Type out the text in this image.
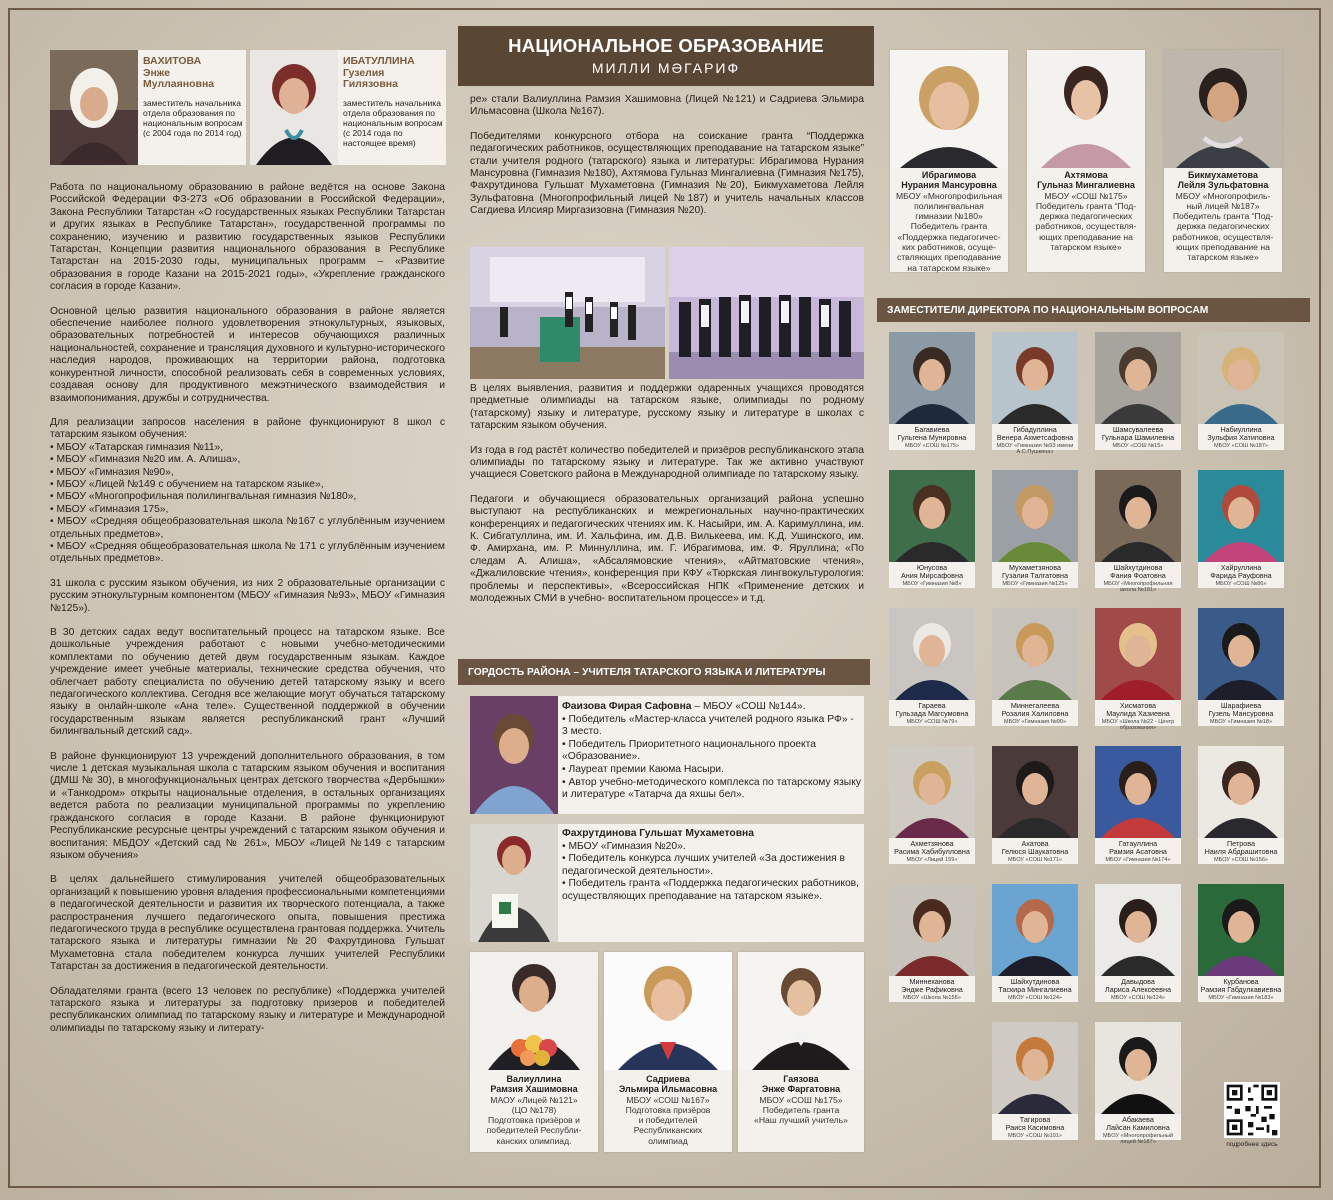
ВАХИТОВА
Энже
Муллаяновна
заместитель начальника отдела образования по национальным вопросам
(с 2004 года по 2014 год)
ИБАТУЛЛИНА
Гузелия
Гилязовна
заместитель начальника отдела образования по национальным вопросам
(с 2014 года по настоящее время)

Работа по национальному образованию в районе ведётся на основе Закона Российской Федерации ФЗ-273 «Об образовании в Российской Федерации», Закона Республики Татарстан «О государственных языках Республики Татарстан и других языках в Республике Татарстан», государственной программы по сохранению, изучению и развитию государственных языков Республики Татарстан, Концепции развития национального образования в Республике Татарстан на 2015-2030 годы, муниципальных программ – «Развитие образования в городе Казани на 2015-2021 годы», «Укрепление гражданского согласия в городе Казани».

Основной целью развития национального образования в районе является обеспечение наиболее полного удовлетворения этнокультурных, языковых, образовательных потребностей и интересов обучающихся различных национальностей, сохранение и трансляция духовного и культурно-исторического наследия народов, проживающих на территории района, подготовка конкурентной личности, способной реализовать себя в современных условиях, создавая основу для продуктивного межэтнического взаимодействия и взаимопонимания, дружбы и сотрудничества.

Для реализации запросов населения в районе функционируют 8 школ с татарским языком обучения:

• МБОУ «Татарская гимназия №11»,

• МБОУ «Гимназия №20 им. А. Алиша»,

• МБОУ «Гимназия №90»,

• МБОУ «Лицей №149 с обучением на татарском языке»,

• МБОУ «Многопрофильная полилингвальная гимназия №180»,

• МБОУ «Гимназия 175»,

• МБОУ «Средняя общеобразовательная школа №167 с углублённым изучением отдельных предметов»,

• МБОУ «Средняя общеобразовательная школа № 171 с углублённым изучением отдельных предметов».

31 школа с русским языком обучения, из них 2 образовательные организации с русским этнокультурным компонентом (МБОУ «Гимназия №93», МБОУ «Гимназия №125»).

В 30 детских садах ведут воспитательный процесс на татарском языке. Все дошкольные учреждения работают с новыми учебно-методическими комплектами по обучению детей двум государственным языкам. Каждое учреждение имеет учебные материалы, технические средства обучения, что облегчает работу специалиста по обучению детей татарскому языку и всего педагогического коллектива. Сегодня все желающие могут обучаться татарскому языку в онлайн-школе «Ана теле». Существенной поддержкой в обучении государственным языкам является республиканский грант «Лучший билингвальный детский сад».

В районе функционируют 13 учреждений дополнительного образования, в том числе 1 детская музыкальная школа с татарским языком обучения и воспитания (ДМШ № 30), в многофункциональных центрах детского творчества «Дербышки» и «Танкодром» открыты национальные отделения, в остальных организациях ведется работа по реализации муниципальной программы по укреплению гражданского согласия в городе Казани. В районе функционируют Республиканские ресурсные центры учреждений с татарским языком обучения и воспитания: МБДОУ «Детский сад № 261», МБОУ «Лицей №149 с татарским языком обучения»

В целях дальнейшего стимулирования учителей общеобразовательных организаций к повышению уровня владения профессиональными компетенциями в педагогической деятельности и развития их творческого потенциала, а также распространения лучшего педагогического опыта, повышения престижа педагогического труда в республике осуществлена грантовая поддержка. Учитель татарского языка и литературы гимназии №20 Фахрутдинова Гульшат Мухаметовна стала победителем конкурса лучших учителей Республики Татарстан за достижения в педагогической деятельности.

Обладателями гранта (всего 13 человек по республике) «Поддержка учителей татарского языка и литературы за подготовку призеров и победителей республиканских олимпиад по татарскому языку и литературе и Международной олимпиады по татарскому языку и литерату-

НАЦИОНАЛЬНОЕ ОБРАЗОВАНИЕ
МИЛЛИ МӘГАРИФ

ре» стали Валиуллина Рамзия Хашимовна (Лицей №121) и Садриева Эльмира Ильмасовна (Школа №167).

Победителями конкурсного отбора на соискание гранта “Поддержка педагогических работников, осуществляющих преподавание на татарском языке” стали учителя родного (татарского) языка и литературы: Ибрагимова Нурания Мансуровна (Гимназия №180), Ахтямова Гульназ Мингалиевна (Гимназия №175), Фахрутдинова Гульшат Мухаметовна (Гимназия №20), Бикмухаметова Лейля Зульфатовна (Многопрофильный лицей №187) и учитель начальных классов Сагдиева Илсияр Миргазизовна (Гимназия №20).

В целях выявления, развития и поддержки одаренных учащихся проводятся предметные олимпиады на татарском языке, олимпиады по родному (татарскому) языку и литературе, русскому языку и литературе в школах с татарским языком обучения.

Из года в год растёт количество победителей и призёров республиканского этапа олимпиады по татарскому языку и литературе. Так же активно участвуют учащиеся Советского района в Международной олимпиаде по татарскому языку.

Педагоги и обучающиеся образовательных организаций района успешно выступают на республиканских и межрегиональных научно-практических конференциях и педагогических чтениях им. К. Насыйри, им. А. Каримуллина, им. К. Сибгатуллина, им. И. Хальфина, им. Д.В. Вилькеева, им. К.Д. Ушинского, им. Ф. Амирхана, им. Р. Миннуллина, им. Г. Ибрагимова, им. Ф. Яруллина; «По следам А. Алиша», «Абсалямовские чтения», «Айтматовские чтения», «Джалиловские чтения», конференция при КФУ «Тюркская лингвокультурология: проблемы и перспективы», «Всероссийская НПК «Применение детских и молодежных СМИ в учебно- воспитательном процессе» и т.д.

ГОРДОСТЬ РАЙОНА – УЧИТЕЛЯ ТАТАРСКОГО ЯЗЫКА И ЛИТЕРАТУРЫ
Фаизова Фирая Сафовна – МБОУ «СОШ №144».
• Победитель «Мастер-класса учителей родного языка РФ» - 3 место.
• Победитель Приоритетного национального проекта «Образование».
• Лауреат премии Каюма Насыри.
• Автор учебно-методического комплекса по татарскому языку и литературе «Татарча да яхшы бел».
Фахрутдинова Гульшат Мухаметовна
• МБОУ «Гимназия №20».
• Победитель конкурса лучших учителей «За достижения в педагогической деятельности».
• Победитель гранта «Поддержка педагогических работников, осуществляющих преподавание на татарском языке».
Валиуллина
Рамзия Хашимовна
МАОУ «Лицей №121»
(ЦО №178)
Подготовка призёров и
победителей Республи-
канских олимпиад.
Садриева
Эльмира Ильмасовна
МБОУ «СОШ №167»
Подготовка призёров
и победителей
Республиканских
олимпиад
Гаязова
Энже Фаргатовна
МБОУ «СОШ №175»
Победитель гранта
«Наш лучший учитель»
Ибрагимова
Нурания Мансуровна
МБОУ «Многопрофильная
полилингвальная
гимназии №180»
Победитель гранта
«Поддержка педагогичес-
ких работников, осуще-
ствляющих преподавание
на татарском языке»
Ахтямова
Гульназ Мингалиевна
МБОУ «СОШ №175»
Победитель гранта “Под-
держка педагогических
работников, осуществля-
ющих преподавание на
татарском языке»
Бикмухаметова
Лейля Зульфатовна
МБОУ «Многопрофиль-
ный лицей №187»
Победитель гранта “Под-
держка педагогических
работников, осуществля-
ющих преподавание на
татарском языке»
ЗАМЕСТИТЕЛИ ДИРЕКТОРА ПО НАЦИОНАЛЬНЫМ ВОПРОСАМ
Багавиева
Гульгена Мунировна
МБОУ «СОШ №175»
Гибадуллина
Венера Ахметсафовна
МБОУ «Гимназия №93 имени А.С.Пушкина»
Шамсувалеева
Гульнара Шамилевна
МБОУ «СОШ №15»
Набиуллина
Зульфия Хатиповна
МБОУ «СОШ №187»
Юнусова
Ания Мирсафовна
МБОУ «Гимназия №8»
Мухаметзянова
Гузалия Талгатовна
МБОУ «Гимназия №125»
Шайхутдинова
Фания Фоатовна
МБОУ «Многопрофильная школа №181»
Хайруллина
Фарида Рауфовна
МБОУ «СОШ №86»
Гараева
Гульзада Магсумовна
МБОУ «СОШ №79»
Миннегалеева
Розалия Халиловна
МБОУ «Гимназия №90»
Хисматова
Маулида Хазиевна
МБОУ «Школа №22 - Центр образования»
Шарафиева
Гузель Мансуровна
МБОУ «Гимназия №18»
Ахметзянова
Расима Хабибулловна
МБОУ «Лицей 159»
Ахатова
Гелюся Шаукатовна
МБОУ «СОШ №171»
Гатауллина
Рамзия Асатовна
МБОУ «Гимназия №174»
Петрова
Наиля Абдрашитовна
МБОУ «СОШ №156»
Миннеханова
Эндже Рафиковна
МБОУ «Школа №156»
Шайхутдинова
Таскира Мингалиевна
МБОУ «СОШ №124»
Давыдова
Лариса Алексеевна
МБОУ «СОШ №124»
Курбанова
Рамзия Габдулкавиевна
МБОУ «Гимназия №183»
Тагирова
Раися Касимовна
МБОУ «СОШ №101»
Абакаева
Лайсан Камиловна
МБОУ «Многопрофильный лицей №187»	подробнее здесь
